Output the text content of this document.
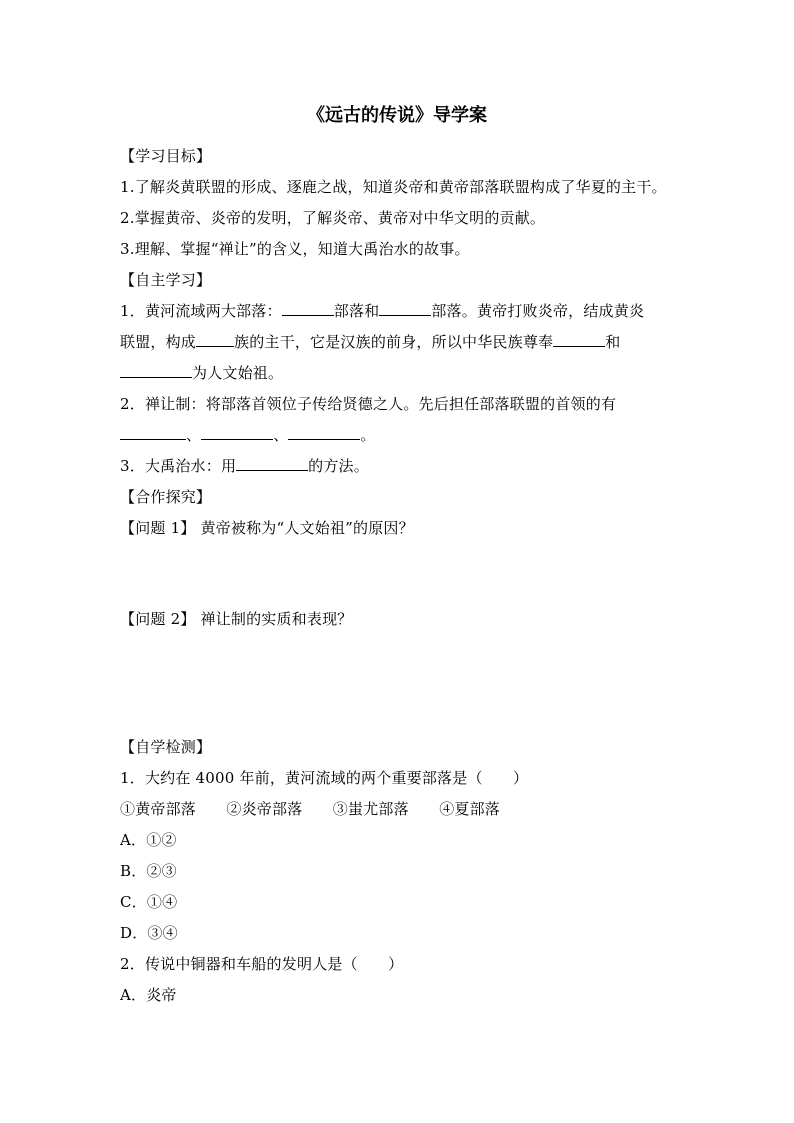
《远古的传说》导学案
【学习目标】
1.了解炎黄联盟的形成、逐鹿之战，知道炎帝和黄帝部落联盟构成了华夏的主干。
2.掌握黄帝、炎帝的发明，了解炎帝、黄帝对中华文明的贡献。
3.理解、掌握“禅让”的含义，知道大禹治水的故事。
【自主学习】
1．黄河流域两大部落：	部落和	部落。黄帝打败炎帝，结成黄炎
联盟，构成	族的主干，它是汉族的前身，所以中华民族尊奉	和
为人文始祖。
2．禅让制：将部落首领位子传给贤德之人。先后担任部落联盟的首领的有
、	、	。
3．大禹治水：用	的方法。
【合作探究】
【问题 1】 黄帝被称为“人文始祖”的原因？
【问题 2】 禅让制的实质和表现？
【自学检测】
1．大约在 4000 年前，黄河流域的两个重要部落是（　　）
①黄帝部落　　②炎帝部落　　③蚩尤部落　　④夏部落
A．①②
B．②③
C．①④
D．③④
2．传说中铜器和车船的发明人是（　　）
A．炎帝
